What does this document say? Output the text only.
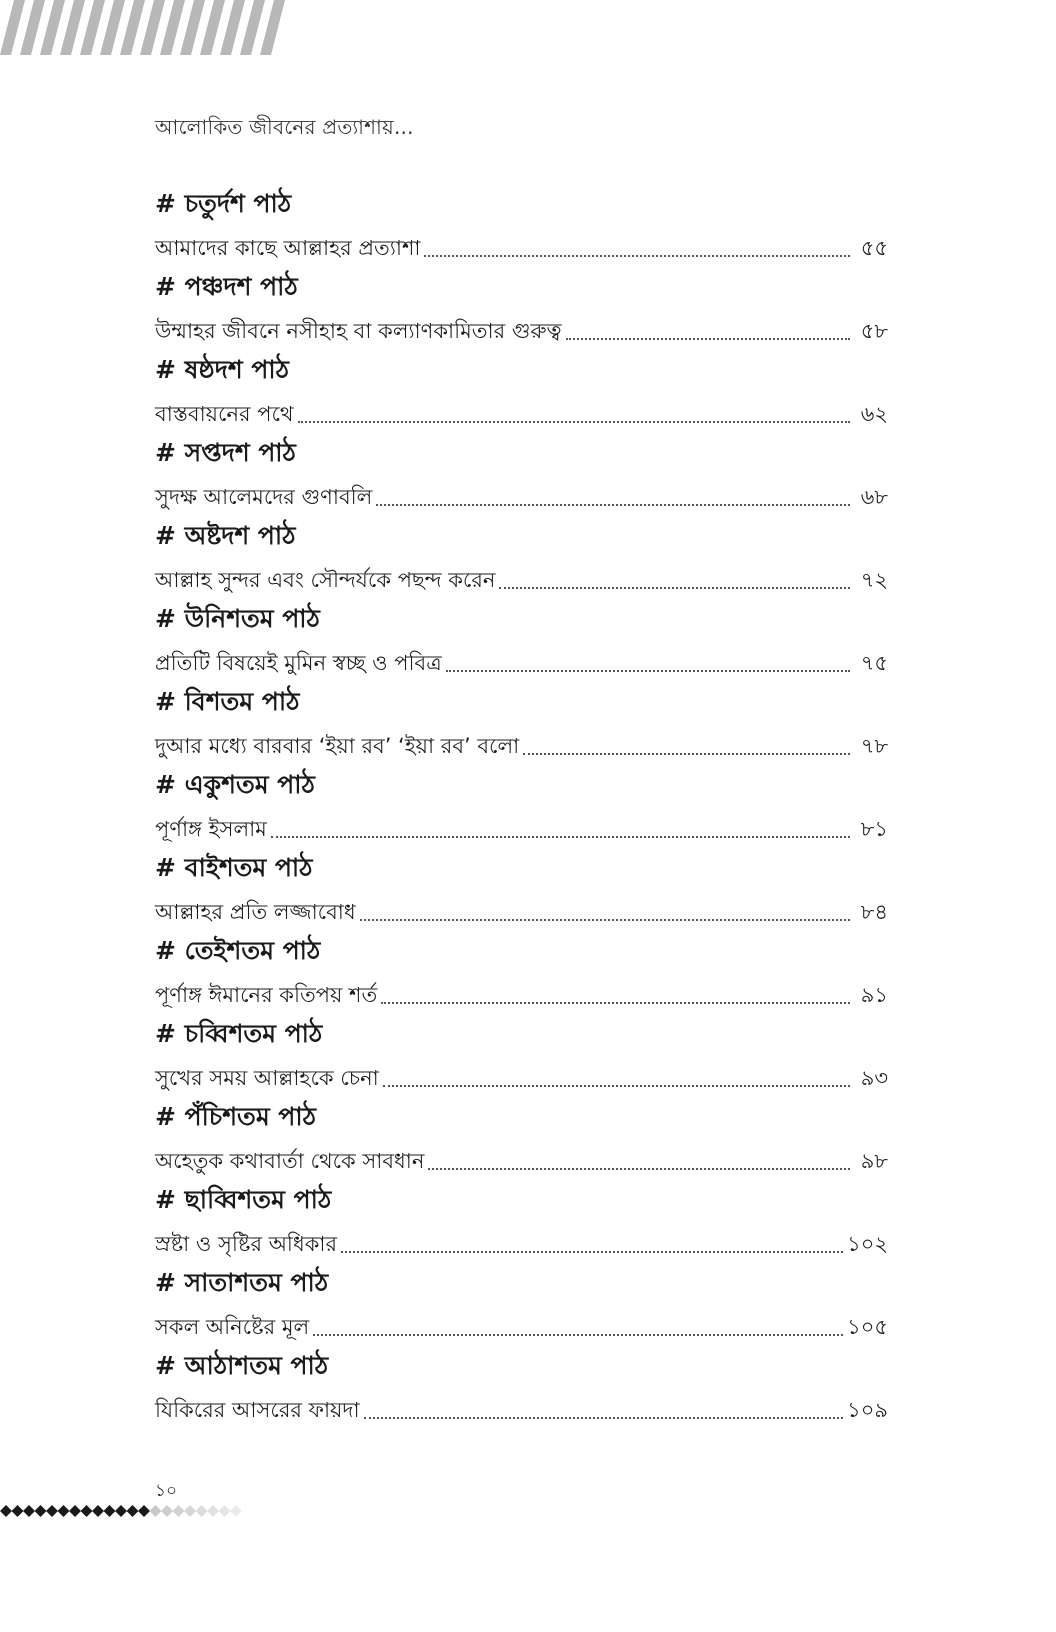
আলোকিত জীবনের প্রত্যাশায়...
# চতুর্দশ পাঠ
আমাদের কাছে আল্লাহর প্রত্যাশা	৫৫
# পঞ্চদশ পাঠ
উম্মাহর জীবনে নসীহাহ বা কল্যাণকামিতার গুরুত্ব	৫৮
# ষষ্ঠদশ পাঠ
বাস্তবায়নের পথে	৬২
# সপ্তদশ পাঠ
সুদক্ষ আলেমদের গুণাবলি	৬৮
# অষ্টদশ পাঠ
আল্লাহ সুন্দর এবং সৌন্দর্যকে পছন্দ করেন	৭২
# উনিশতম পাঠ
প্রতিটি বিষয়েই মুমিন স্বচ্ছ ও পবিত্র	৭৫
# বিশতম পাঠ
দুআর মধ্যে বারবার ‘ইয়া রব’ ‘ইয়া রব’ বলো	৭৮
# একুশতম পাঠ
পূর্ণাঙ্গ ইসলাম	৮১
# বাইশতম পাঠ
আল্লাহর প্রতি লজ্জাবোধ	৮৪
# তেইশতম পাঠ
পূর্ণাঙ্গ ঈমানের কতিপয় শর্ত	৯১
# চব্বিশতম পাঠ
সুখের সময় আল্লাহকে চেনা	৯৩
# পঁচিশতম পাঠ
অহেতুক কথাবার্তা থেকে সাবধান	৯৮
# ছাব্বিশতম পাঠ
স্রষ্টা ও সৃষ্টির অধিকার	১০২
# সাতাশতম পাঠ
সকল অনিষ্টের মূল	১০৫
# আঠাশতম পাঠ
যিকিরের আসরের ফায়দা	১০৯
১০
